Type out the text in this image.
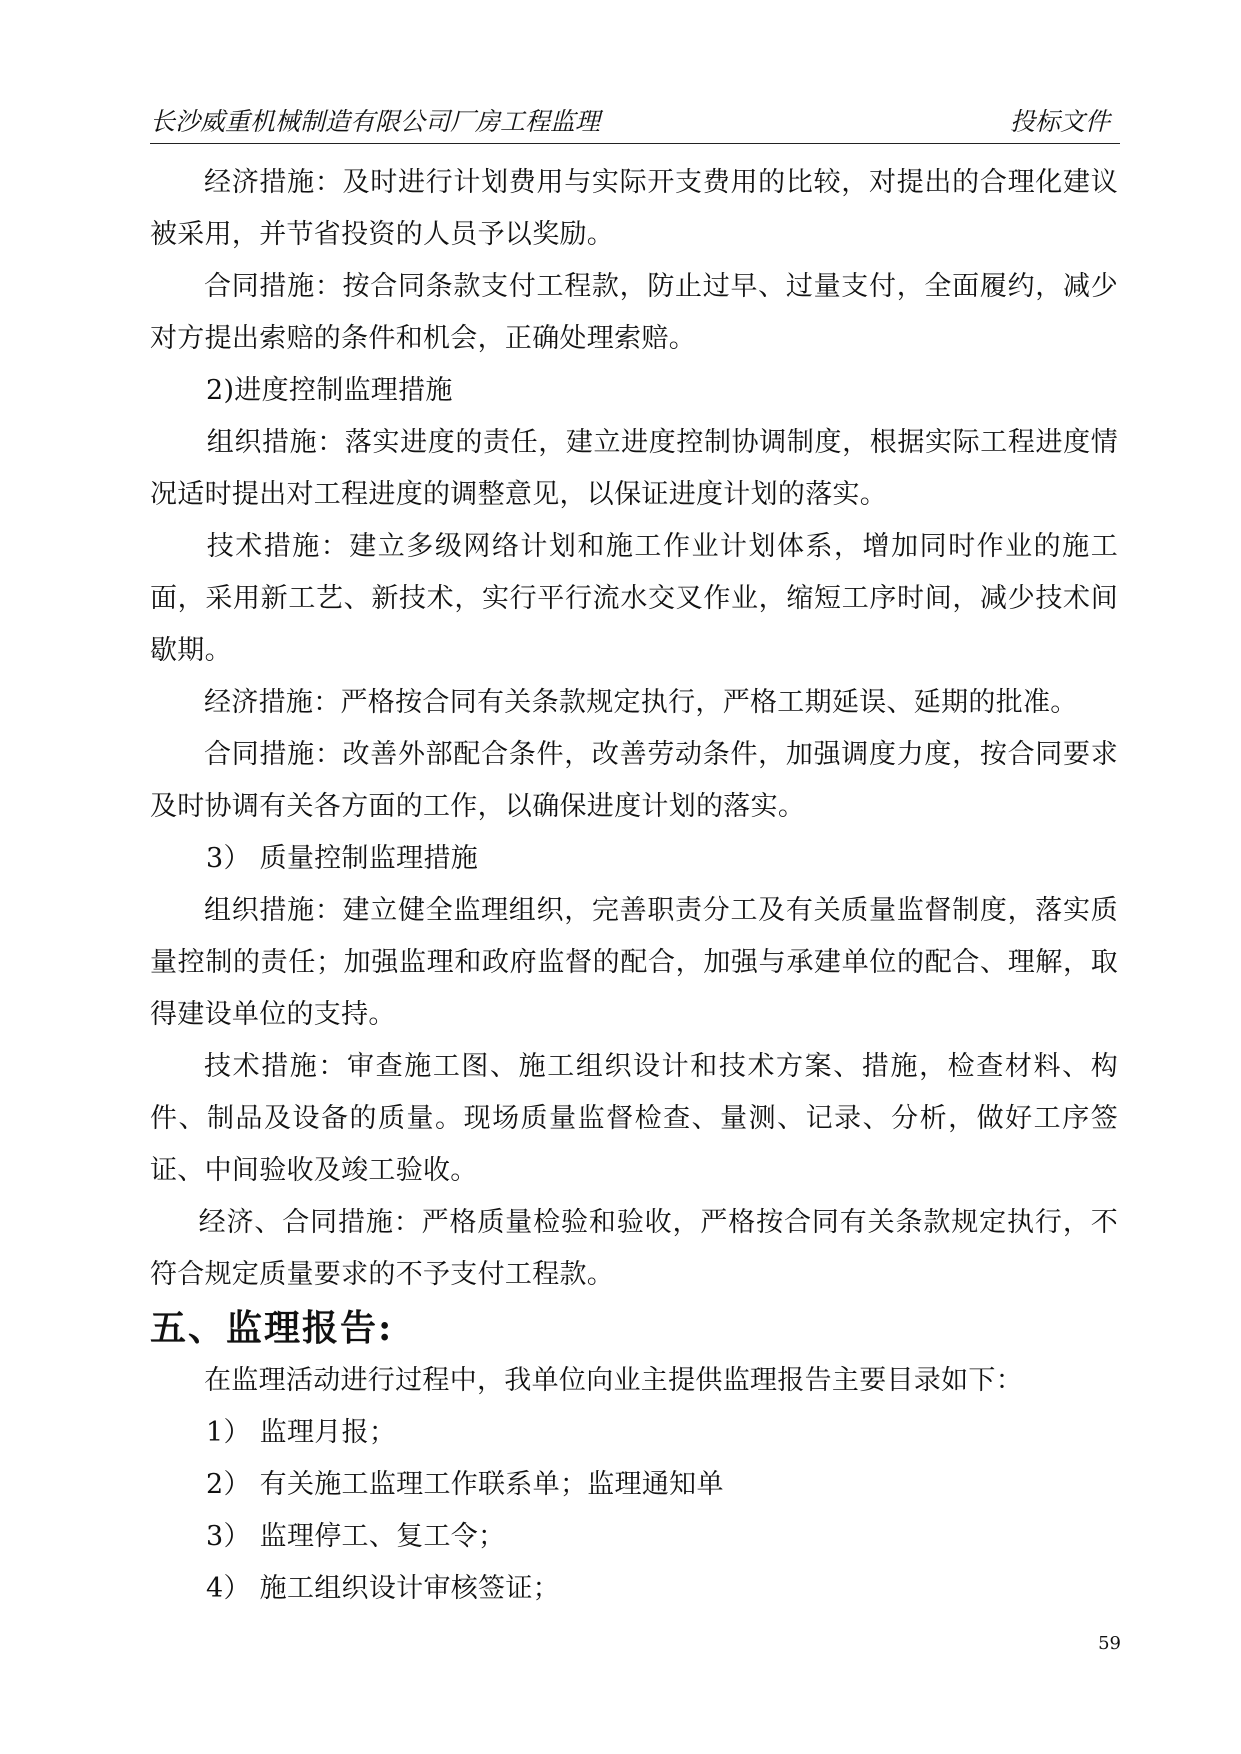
长沙威重机械制造有限公司厂房工程监理	投标文件

经济措施：及时进行计划费用与实际开支费用的比较，对提出的合理化建议被采用，并节省投资的人员予以奖励。

合同措施：按合同条款支付工程款，防止过早、过量支付，全面履约，减少对方提出索赔的条件和机会，正确处理索赔。

2)进度控制监理措施

组织措施：落实进度的责任，建立进度控制协调制度，根据实际工程进度情况适时提出对工程进度的调整意见，以保证进度计划的落实。

技术措施：建立多级网络计划和施工作业计划体系，增加同时作业的施工面，采用新工艺、新技术，实行平行流水交叉作业，缩短工序时间，减少技术间歇期。

经济措施：严格按合同有关条款规定执行，严格工期延误、延期的批准。

合同措施：改善外部配合条件，改善劳动条件，加强调度力度，按合同要求及时协调有关各方面的工作，以确保进度计划的落实。

3） 质量控制监理措施

组织措施：建立健全监理组织，完善职责分工及有关质量监督制度，落实质量控制的责任；加强监理和政府监督的配合，加强与承建单位的配合、理解，取得建设单位的支持。

技术措施：审查施工图、施工组织设计和技术方案、措施，检查材料、构件、制品及设备的质量。现场质量监督检查、量测、记录、分析，做好工序签证、中间验收及竣工验收。

经济、合同措施：严格质量检验和验收，严格按合同有关条款规定执行，不符合规定质量要求的不予支付工程款。

五、监理报告:

在监理活动进行过程中，我单位向业主提供监理报告主要目录如下：

1） 监理月报；

2） 有关施工监理工作联系单；监理通知单

3） 监理停工、复工令；

4） 施工组织设计审核签证；

59
